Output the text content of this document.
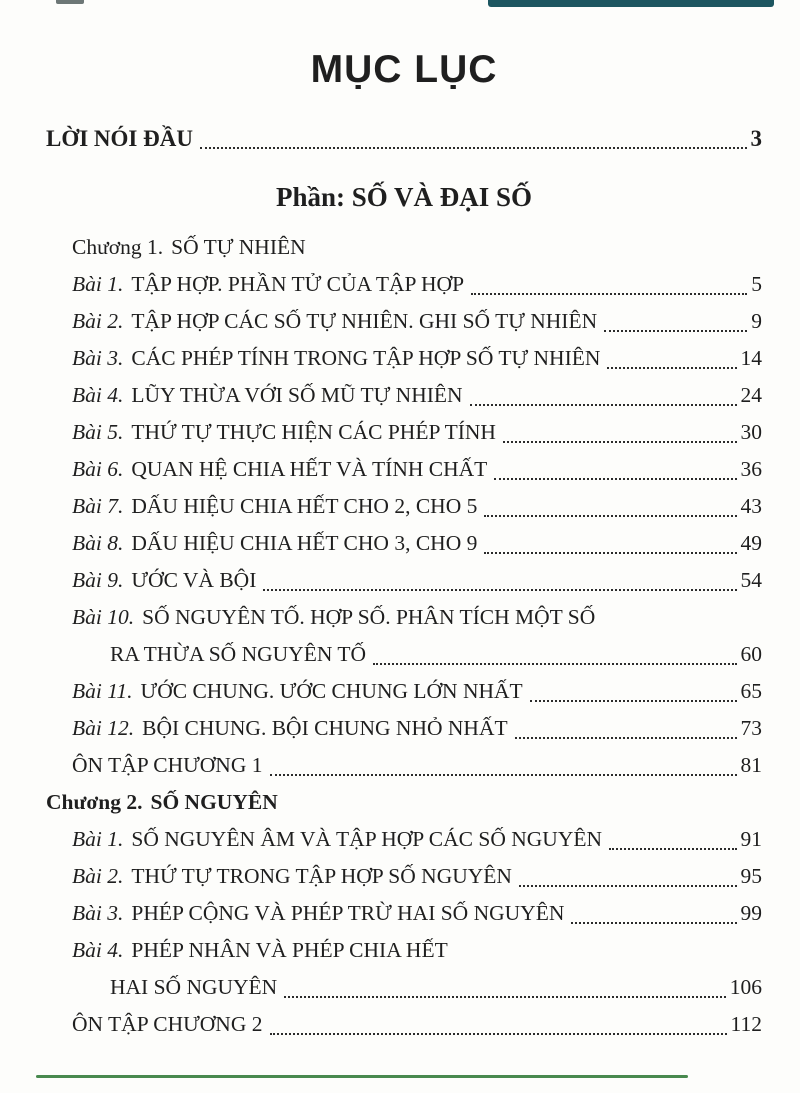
MỤC LỤC
LỜI NÓI ĐẦU	3
Phần: SỐ VÀ ĐẠI SỐ
Chương 1. SỐ TỰ NHIÊN
Bài 1. TẬP HỢP. PHẦN TỬ CỦA TẬP HỢP	5
Bài 2. TẬP HỢP CÁC SỐ TỰ NHIÊN. GHI SỐ TỰ NHIÊN	9
Bài 3. CÁC PHÉP TÍNH TRONG TẬP HỢP SỐ TỰ NHIÊN	14
Bài 4. LŨY THỪA VỚI SỐ MŨ TỰ NHIÊN	24
Bài 5. THỨ TỰ THỰC HIỆN CÁC PHÉP TÍNH	30
Bài 6. QUAN HỆ CHIA HẾT VÀ TÍNH CHẤT	36
Bài 7. DẤU HIỆU CHIA HẾT CHO 2, CHO 5	43
Bài 8. DẤU HIỆU CHIA HẾT CHO 3, CHO 9	49
Bài 9. ƯỚC VÀ BỘI	54
Bài 10. SỐ NGUYÊN TỐ. HỢP SỐ. PHÂN TÍCH MỘT SỐ
RA THỪA SỐ NGUYÊN TỐ	60
Bài 11. ƯỚC CHUNG. ƯỚC CHUNG LỚN NHẤT	65
Bài 12. BỘI CHUNG. BỘI CHUNG NHỎ NHẤT	73
ÔN TẬP CHƯƠNG 1	81
Chương 2. SỐ NGUYÊN
Bài 1. SỐ NGUYÊN ÂM VÀ TẬP HỢP CÁC SỐ NGUYÊN	91
Bài 2. THỨ TỰ TRONG TẬP HỢP SỐ NGUYÊN	95
Bài 3. PHÉP CỘNG VÀ PHÉP TRỪ HAI SỐ NGUYÊN	99
Bài 4. PHÉP NHÂN VÀ PHÉP CHIA HẾT
HAI SỐ NGUYÊN	106
ÔN TẬP CHƯƠNG 2	112
